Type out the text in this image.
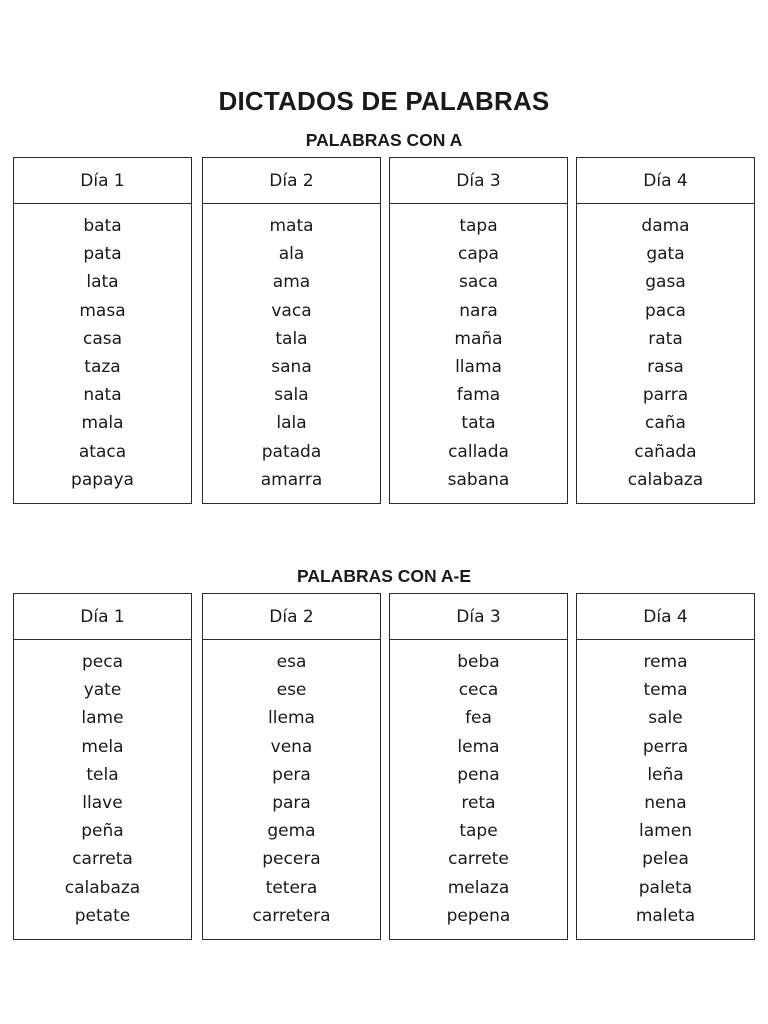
DICTADOS DE PALABRAS
PALABRAS CON A
Día 1
bata
pata
lata
masa
casa
taza
nata
mala
ataca
papaya
Día 2
mata
ala
ama
vaca
tala
sana
sala
lala
patada
amarra
Día 3
tapa
capa
saca
nara
maña
llama
fama
tata
callada
sabana
Día 4
dama
gata
gasa
paca
rata
rasa
parra
caña
cañada
calabaza
PALABRAS CON A-E
Día 1
peca
yate
lame
mela
tela
llave
peña
carreta
calabaza
petate
Día 2
esa
ese
llema
vena
pera
para
gema
pecera
tetera
carretera
Día 3
beba
ceca
fea
lema
pena
reta
tape
carrete
melaza
pepena
Día 4
rema
tema
sale
perra
leña
nena
lamen
pelea
paleta
maleta
